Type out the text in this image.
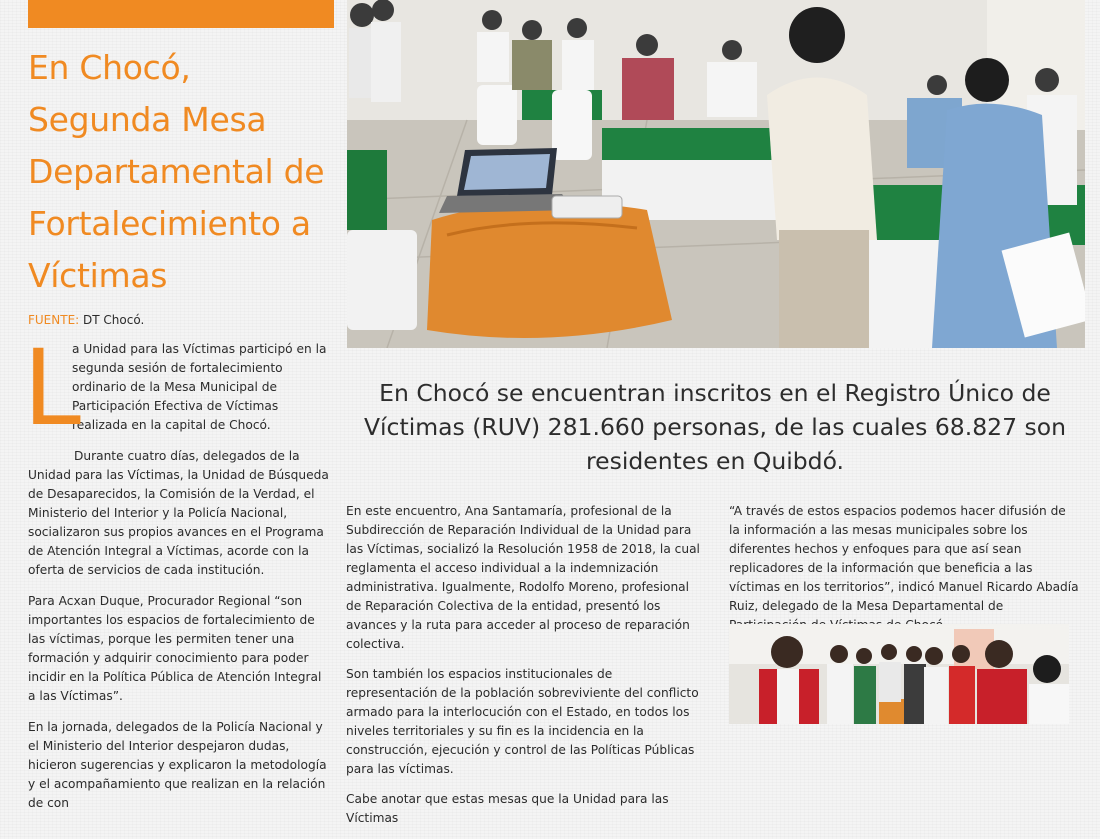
En Chocó, Segunda Mesa Departamental de Fortalecimiento a Víctimas
FUENTE: DT Chocó.
L

a Unidad para las Víctimas participó en la segunda sesión de fortalecimiento ordinario de la Mesa Municipal de Participación Efectiva de Víctimas realizada en la capital de Chocó.

Durante cuatro días, delegados de la Unidad para las Víctimas, la Unidad de Búsqueda de Desaparecidos, la Comisión de la Verdad, el Ministerio del Interior y la Policía Nacional, socializaron sus propios avances en el Programa de Atención Integral a Víctimas, acorde con la oferta de servicios de cada institución.

Para Acxan Duque, Procurador Regional “son importantes los espacios de fortalecimiento de las víctimas, porque les permiten tener una formación y adquirir conocimiento para poder incidir en la Política Pública de Atención Integral a las Víctimas”.

En la jornada, delegados de la Policía Nacional y el Ministerio del Interior despejaron dudas, hicieron sugerencias y explicaron la metodología y el acompañamiento que realizan en la relación de con

En Chocó se encuentran inscritos en el Registro Único de Víctimas (RUV) 281.660 personas, de las cuales 68.827 son residentes en Quibdó.

En este encuentro, Ana Santamaría, profesional de la Subdirección de Reparación Individual de la Unidad para las Víctimas, socializó la Resolución 1958 de 2018, la cual reglamenta el acceso individual a la indemnización administrativa. Igualmente, Rodolfo Moreno, profesional de Reparación Colectiva de la entidad, presentó los avances y la ruta para acceder al proceso de reparación colectiva.

Son también los espacios institucionales de representación de la población sobreviviente del conflicto armado para la interlocución con el Estado, en todos los niveles territoriales y su fin es la incidencia en la construcción, ejecución y control de las Políticas Públicas para las víctimas.

Cabe anotar que estas mesas que la Unidad para las Víctimas

“A través de estos espacios podemos hacer difusión de la información a las mesas municipales sobre los diferentes hechos y enfoques para que así sean replicadores de la información que beneficia a las víctimas en los territorios”, indicó Manuel Ricardo Abadía Ruiz, delegado de la Mesa Departamental de
